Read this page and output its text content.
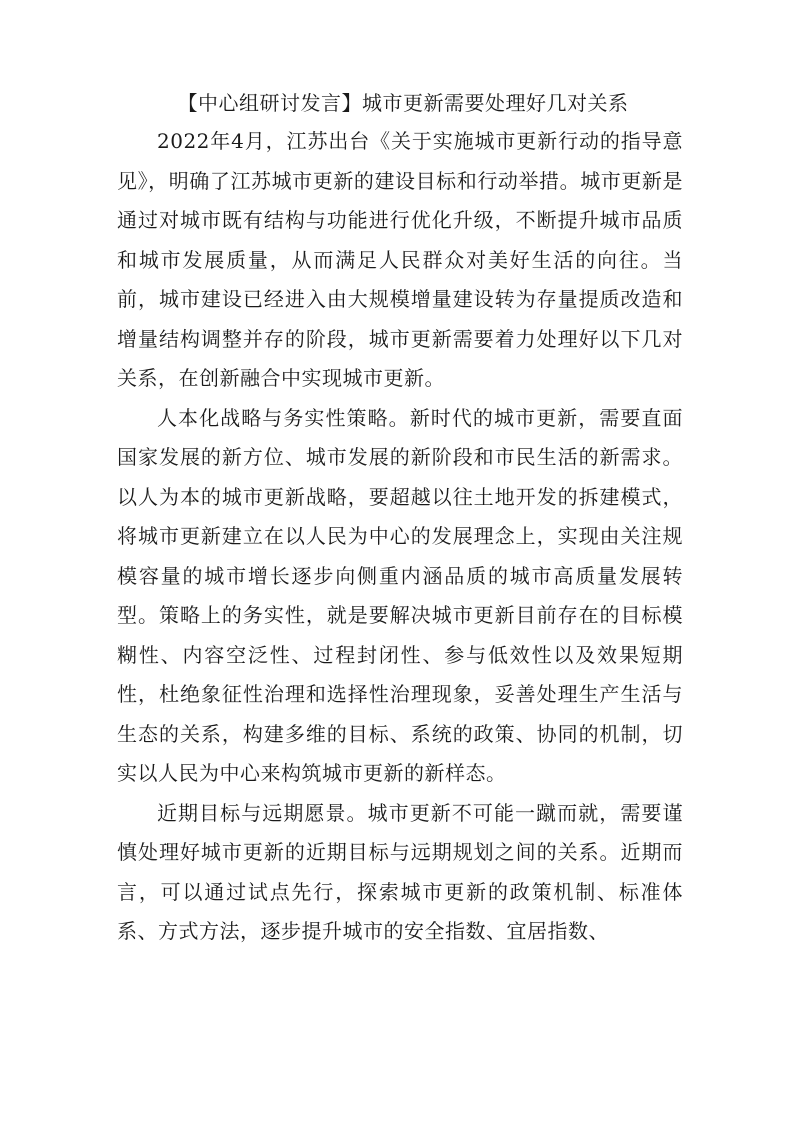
【中心组研讨发言】城市更新需要处理好几对关系

2022年4月，江苏出台《关于实施城市更新行动的指导意见》，明确了江苏城市更新的建设目标和行动举措。城市更新是通过对城市既有结构与功能进行优化升级，不断提升城市品质和城市发展质量，从而满足人民群众对美好生活的向往。当前，城市建设已经进入由大规模增量建设转为存量提质改造和增量结构调整并存的阶段，城市更新需要着力处理好以下几对关系，在创新融合中实现城市更新。

人本化战略与务实性策略。新时代的城市更新，需要直面国家发展的新方位、城市发展的新阶段和市民生活的新需求。以人为本的城市更新战略，要超越以往土地开发的拆建模式，将城市更新建立在以人民为中心的发展理念上，实现由关注规模容量的城市增长逐步向侧重内涵品质的城市高质量发展转型。策略上的务实性，就是要解决城市更新目前存在的目标模糊性、内容空泛性、过程封闭性、参与低效性以及效果短期性，杜绝象征性治理和选择性治理现象，妥善处理生产生活与生态的关系，构建多维的目标、系统的政策、协同的机制，切实以人民为中心来构筑城市更新的新样态。

近期目标与远期愿景。城市更新不可能一蹴而就，需要谨慎处理好城市更新的近期目标与远期规划之间的关系。近期而言，可以通过试点先行，探索城市更新的政策机制、标准体系、方式方法，逐步提升城市的安全指数、宜居指数、
